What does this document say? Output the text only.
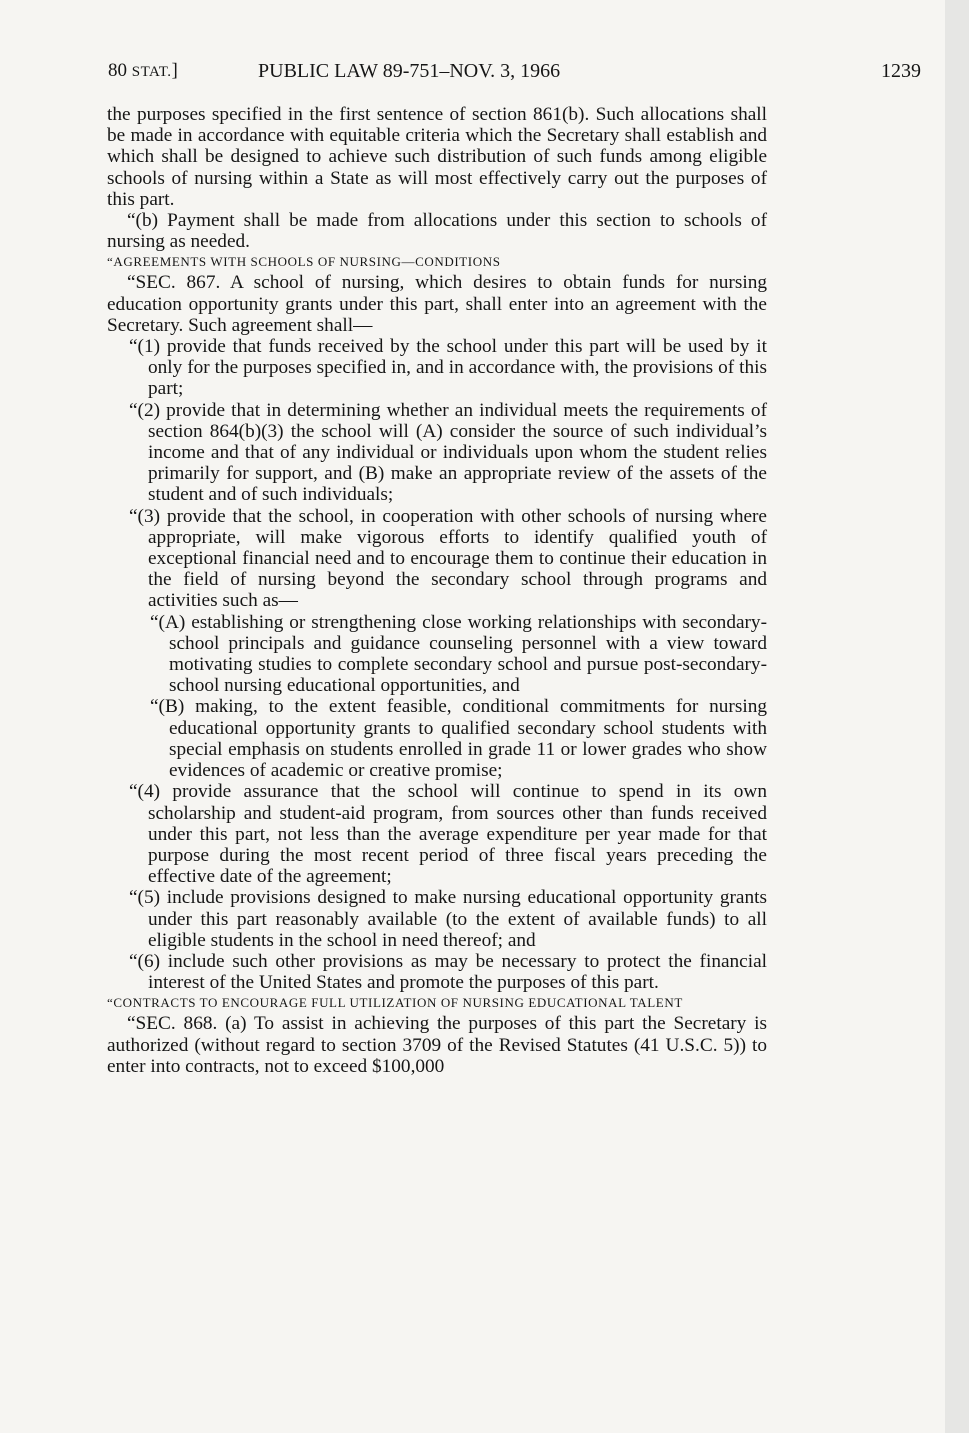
80 STAT.]	PUBLIC LAW 89-751–NOV. 3, 1966	1239

the purposes specified in the first sentence of section 861(b). Such allocations shall be made in accordance with equitable criteria which the Secretary shall establish and which shall be designed to achieve such distribution of such funds among eligible schools of nursing within a State as will most effectively carry out the purposes of this part.

“(b) Payment shall be made from allocations under this section to schools of nursing as needed.

“AGREEMENTS WITH SCHOOLS OF NURSING—CONDITIONS

“SEC. 867. A school of nursing, which desires to obtain funds for nursing education opportunity grants under this part, shall enter into an agreement with the Secretary. Such agreement shall—

“(1) provide that funds received by the school under this part will be used by it only for the purposes specified in, and in accordance with, the provisions of this part;

“(2) provide that in determining whether an individual meets the requirements of section 864(b)(3) the school will (A) consider the source of such individual’s income and that of any individual or individuals upon whom the student relies primarily for support, and (B) make an appropriate review of the assets of the student and of such individuals;

“(3) provide that the school, in cooperation with other schools of nursing where appropriate, will make vigorous efforts to identify qualified youth of exceptional financial need and to encourage them to continue their education in the field of nursing beyond the secondary school through programs and activities such as—

“(A) establishing or strengthening close working relationships with secondary-school principals and guidance counseling personnel with a view toward motivating studies to complete secondary school and pursue post-secondary-school nursing educational opportunities, and

“(B) making, to the extent feasible, conditional commitments for nursing educational opportunity grants to qualified secondary school students with special emphasis on students enrolled in grade 11 or lower grades who show evidences of academic or creative promise;

“(4) provide assurance that the school will continue to spend in its own scholarship and student-aid program, from sources other than funds received under this part, not less than the average expenditure per year made for that purpose during the most recent period of three fiscal years preceding the effective date of the agreement;

“(5) include provisions designed to make nursing educational opportunity grants under this part reasonably available (to the extent of available funds) to all eligible students in the school in need thereof; and

“(6) include such other provisions as may be necessary to protect the financial interest of the United States and promote the purposes of this part.

“CONTRACTS TO ENCOURAGE FULL UTILIZATION OF NURSING EDUCATIONAL TALENT

“SEC. 868. (a) To assist in achieving the purposes of this part the Secretary is authorized (without regard to section 3709 of the Revised Statutes (41 U.S.C. 5)) to enter into contracts, not to exceed $100,000
